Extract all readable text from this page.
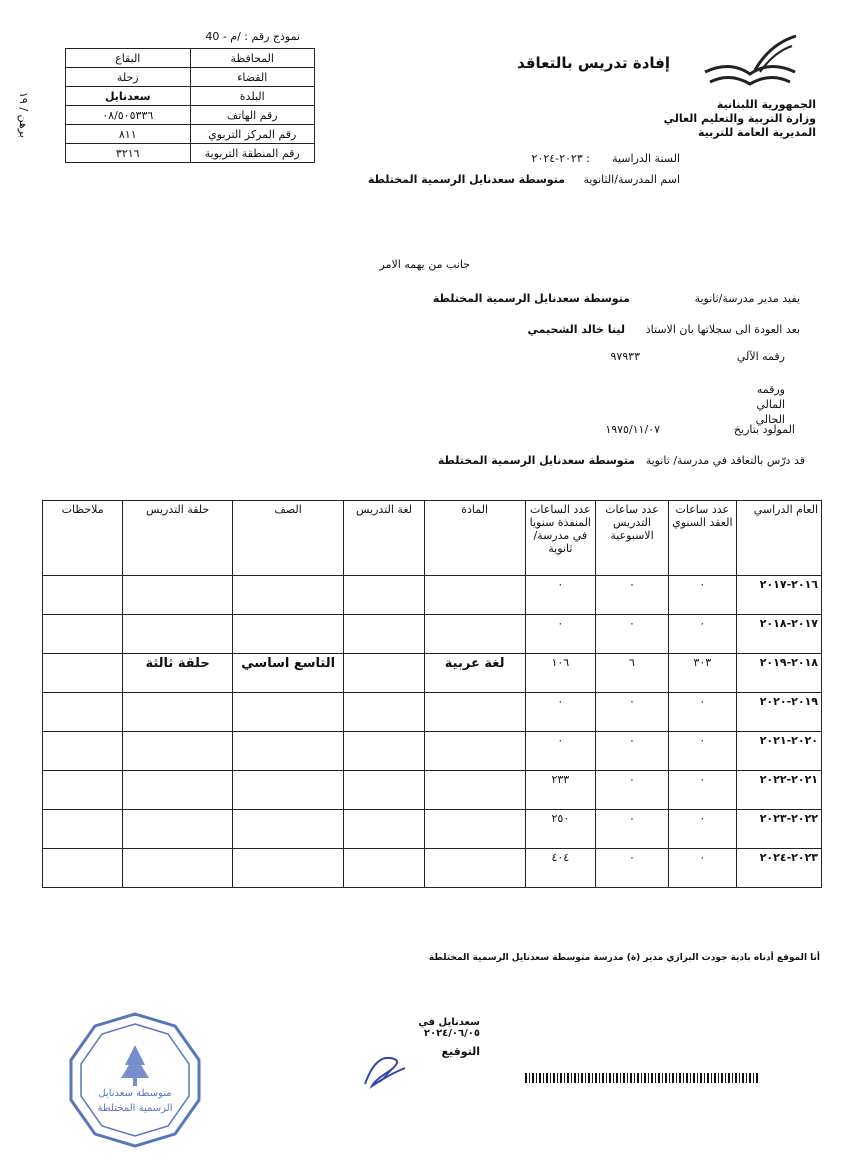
الجمهورية اللبنانية
وزارة التربية والتعليم العالي
المديرية العامة للتربية
إفادة تدريس بالتعاقد
نموذج رقم : /م - 40
برهن / ١٩
المحافظة	البقاع
القضاء	زحلة
البلدة	سعدنايل
رقم الهاتف	٠٨/٥٠٥٣٣٦
رقم المركز التربوي	٨١١
رقم المنطقة التربوية	٣٢١٦	السنة الدراسية
: ٢٠٢٣-٢٠٢٤
اسم المدرسة/الثانوية
متوسطة سعدنايل الرسمية المختلطة
جانب من يهمه الامر
يفيد مدير مدرسة/ثانوية
متوسطة سعدنايل الرسمية المختلطة
بعد العودة الى سجلاتها بان الاستاذ
لينا خالد الشحيمي
رقمه الآلي
٩٧٩٣٣
ورقمه المالي الحالي
المولود بتاريخ
١٩٧٥/١١/٠٧
قد درّس بالتعاقد في مدرسة/ ثانوية
متوسطة سعدنايل الرسمية المختلطة
العام الدراسي	عدد ساعات العقد السنوي	عدد ساعات التدريس الاسبوعية	عدد الساعات المنفذة سنويا في مدرسة/ثانوية	المادة	لغة التدريس	الصف	حلقة التدريس	ملاحظات
٢٠١٦-٢٠١٧	٠	٠	٠					
٢٠١٧-٢٠١٨	٠	٠	٠					
٢٠١٨-٢٠١٩	٣٠٣	٦	١٠٦	لغة عربية		التاسع اساسي	حلقة ثالثة	
٢٠١٩-٢٠٢٠	٠	٠	٠					
٢٠٢٠-٢٠٢١	٠	٠	٠					
٢٠٢١-٢٠٢٢	٠	٠	٢٣٣					
٢٠٢٢-٢٠٢٣	٠	٠	٢٥٠					
٢٠٢٣-٢٠٢٤	٠	٠	٤٠٤					
أنا الموقع أدناه بادية جودت البرازي مدير (ة) مدرسة متوسطة سعدنايل الرسمية المختلطة
سعدنايل في ٢٠٢٤/٠٦/٠٥
التوقيع
متوسطة سعدنايل
الرسمية المختلطة
